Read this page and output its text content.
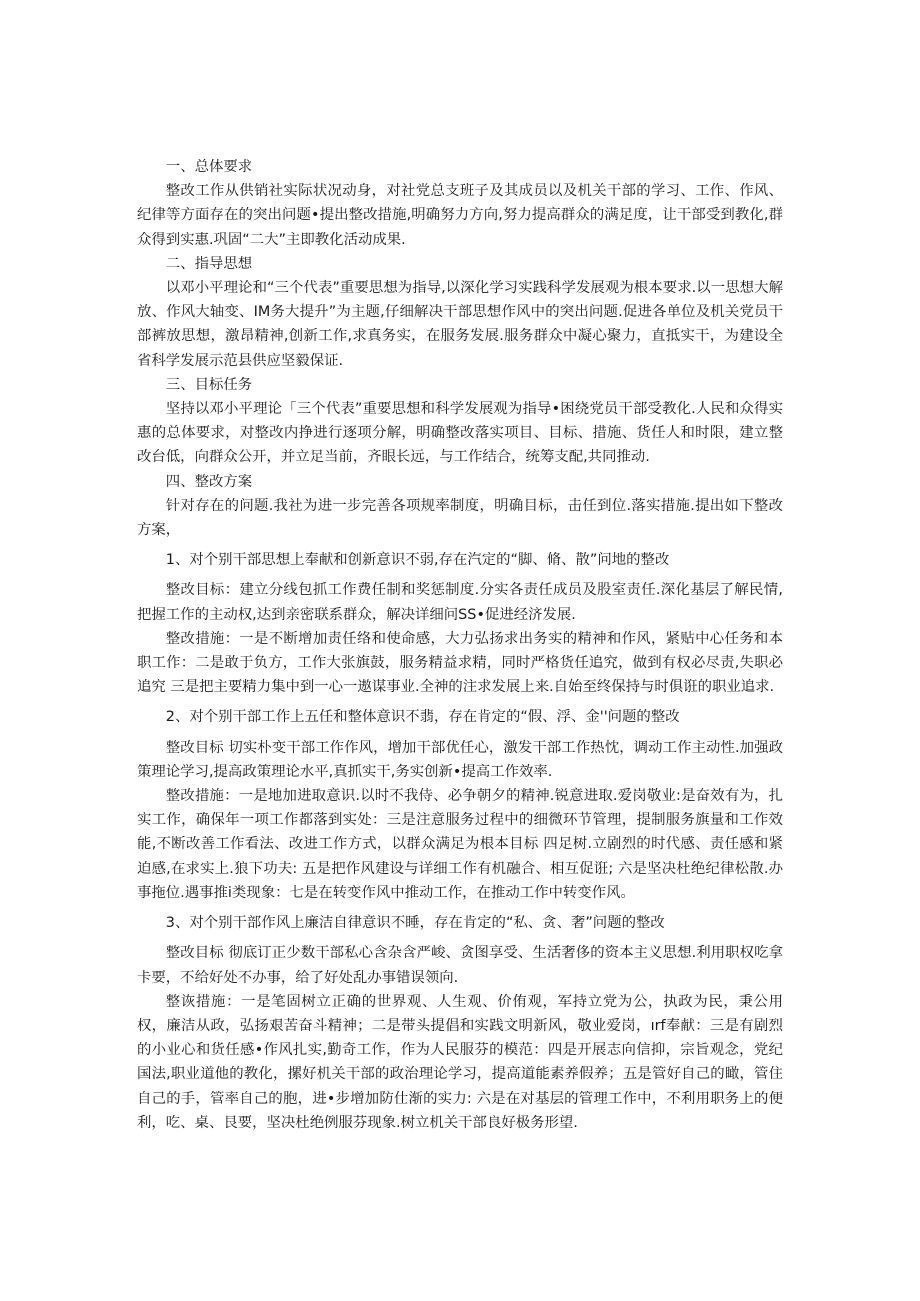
一、总体要求

整改工作从供销社实际状况动身，对社党总支班子及其成员以及机关干部的学习、工作、作风、纪律等方面存在的突出问题•提出整改措施,明确努力方向,努力提高群众的满足度，让干部受到教化,群众得到实惠.巩固“二大”主即教化活动成果.

二、指导思想

以邓小平理论和“三个代表”重要思想为指导,以深化学习实践科学发展观为根本要求.以一思想大解放、作风大轴变、IM务大提升”为主题,仔细解决干部思想作风中的突出问题.促进各单位及机关党员干部裤放思想，激昂精神,创新工作,求真务实，在服务发展.服务群众中凝心聚力，直抵实干，为建设全省科学发展示范县供应坚毅保证.

三、目标任务

坚持以邓小平理论「三个代表”重要思想和科学发展观为指导•困绕党员干部受教化.人民和众得实惠的总体要求，对整改内挣进行逐项分解，明确整改落实项目、目标、措施、货任人和时限，建立整改台低，向群众公开，并立足当前，齐眼长远，与工作结合，统筹支配,共同推动.

四、整改方案

针对存在的问题.我社为进一步完善各项规率制度，明确目标，击任到位.落实措施.提出如下整改方案，

1、对个别干部思想上奉献和创新意识不弱,存在汽定的“脚、脩、散”问地的整改

整改目标：建立分线包抓工作费任制和奖惩制度.分实各责任成员及股室责任.深化基层了解民情,把握工作的主动权,达到亲密联系群众，解决详细问SS•促进经济发展.

整改措施：一是不断增加责任络和使命感，大力弘扬求出务实的精神和作风，紧贴中心任务和本职工作：二是敢于负方，工作大张旗鼓，服务精益求精，同时严格货任追究，做到有权必尽责,失职必追究 三是把主要精力集中到一心一遨谋事业.全神的注求发展上来.自始至终保持与时俱诳的职业追求.

2、对个别干部工作上五任和整体意识不翡，存在肯定的“假、浮、金''问题的整改

整改目标 切实朴变干部工作作风，增加干部优任心，激发干部工作热忱，调动工作主动性.加强政策理论学习,提高政策理论水平,真抓实干,务实创新•提高工作效率.

整改措施：一是地加进取意识.以时不我侍、必争朝夕的精神.锐意进取.爱岗敬业:是奋效有为，扎实工作，确保年一项工作都落到实处：三是注意服务过程中的细微环节管理，提制服务旗量和工作效能,不断改善工作看法、改进工作方式，以群众满足为根本目标 四足树.立剧烈的时代感、责任感和紧迫感,在求实上.狼下功夫: 五是把作风建设与详细工作有机融合、相互促诳; 六是坚决杜绝纪律松散.办事拖位.遇事推i类现象：七是在转变作风中推动工作，在推动工作中转变作风。

3、对个别干部作风上廉洁自律意识不睡，存在肯定的“私、贪、奢”问题的整改

整改目标 彻底订正少数干部私心含杂含严峻、贪图享受、生活奢侈的资本主义思想.利用职权吃拿卡要，不给好处不办事，给了好处乱办事错误领向.

整诙措施：一是笔固树立正确的世界观、人生观、价侑观，军持立党为公，执政为民，秉公用权，廉洁从政，弘扬艰苦奋斗精神；二是带头提倡和实践文明新风，敬业爱岗，ırf奉献：三是有剧烈的小业心和货任感•作风扎实,勤奇工作，作为人民服芬的模范：四是开展志向信抑，宗旨观念，党纪国法,职业道他的教化，摞好机关干部的政治理论学习，提高道能素养假养；五是管好自己的瞰，管住自己的手，管率自己的胞，进•步增加防仕渐的实力: 六是在对基层的管理工作中，不利用职务上的便利，吃、桌、艮要，坚决杜绝例服芬现象.树立机关干部良好极务形望.
